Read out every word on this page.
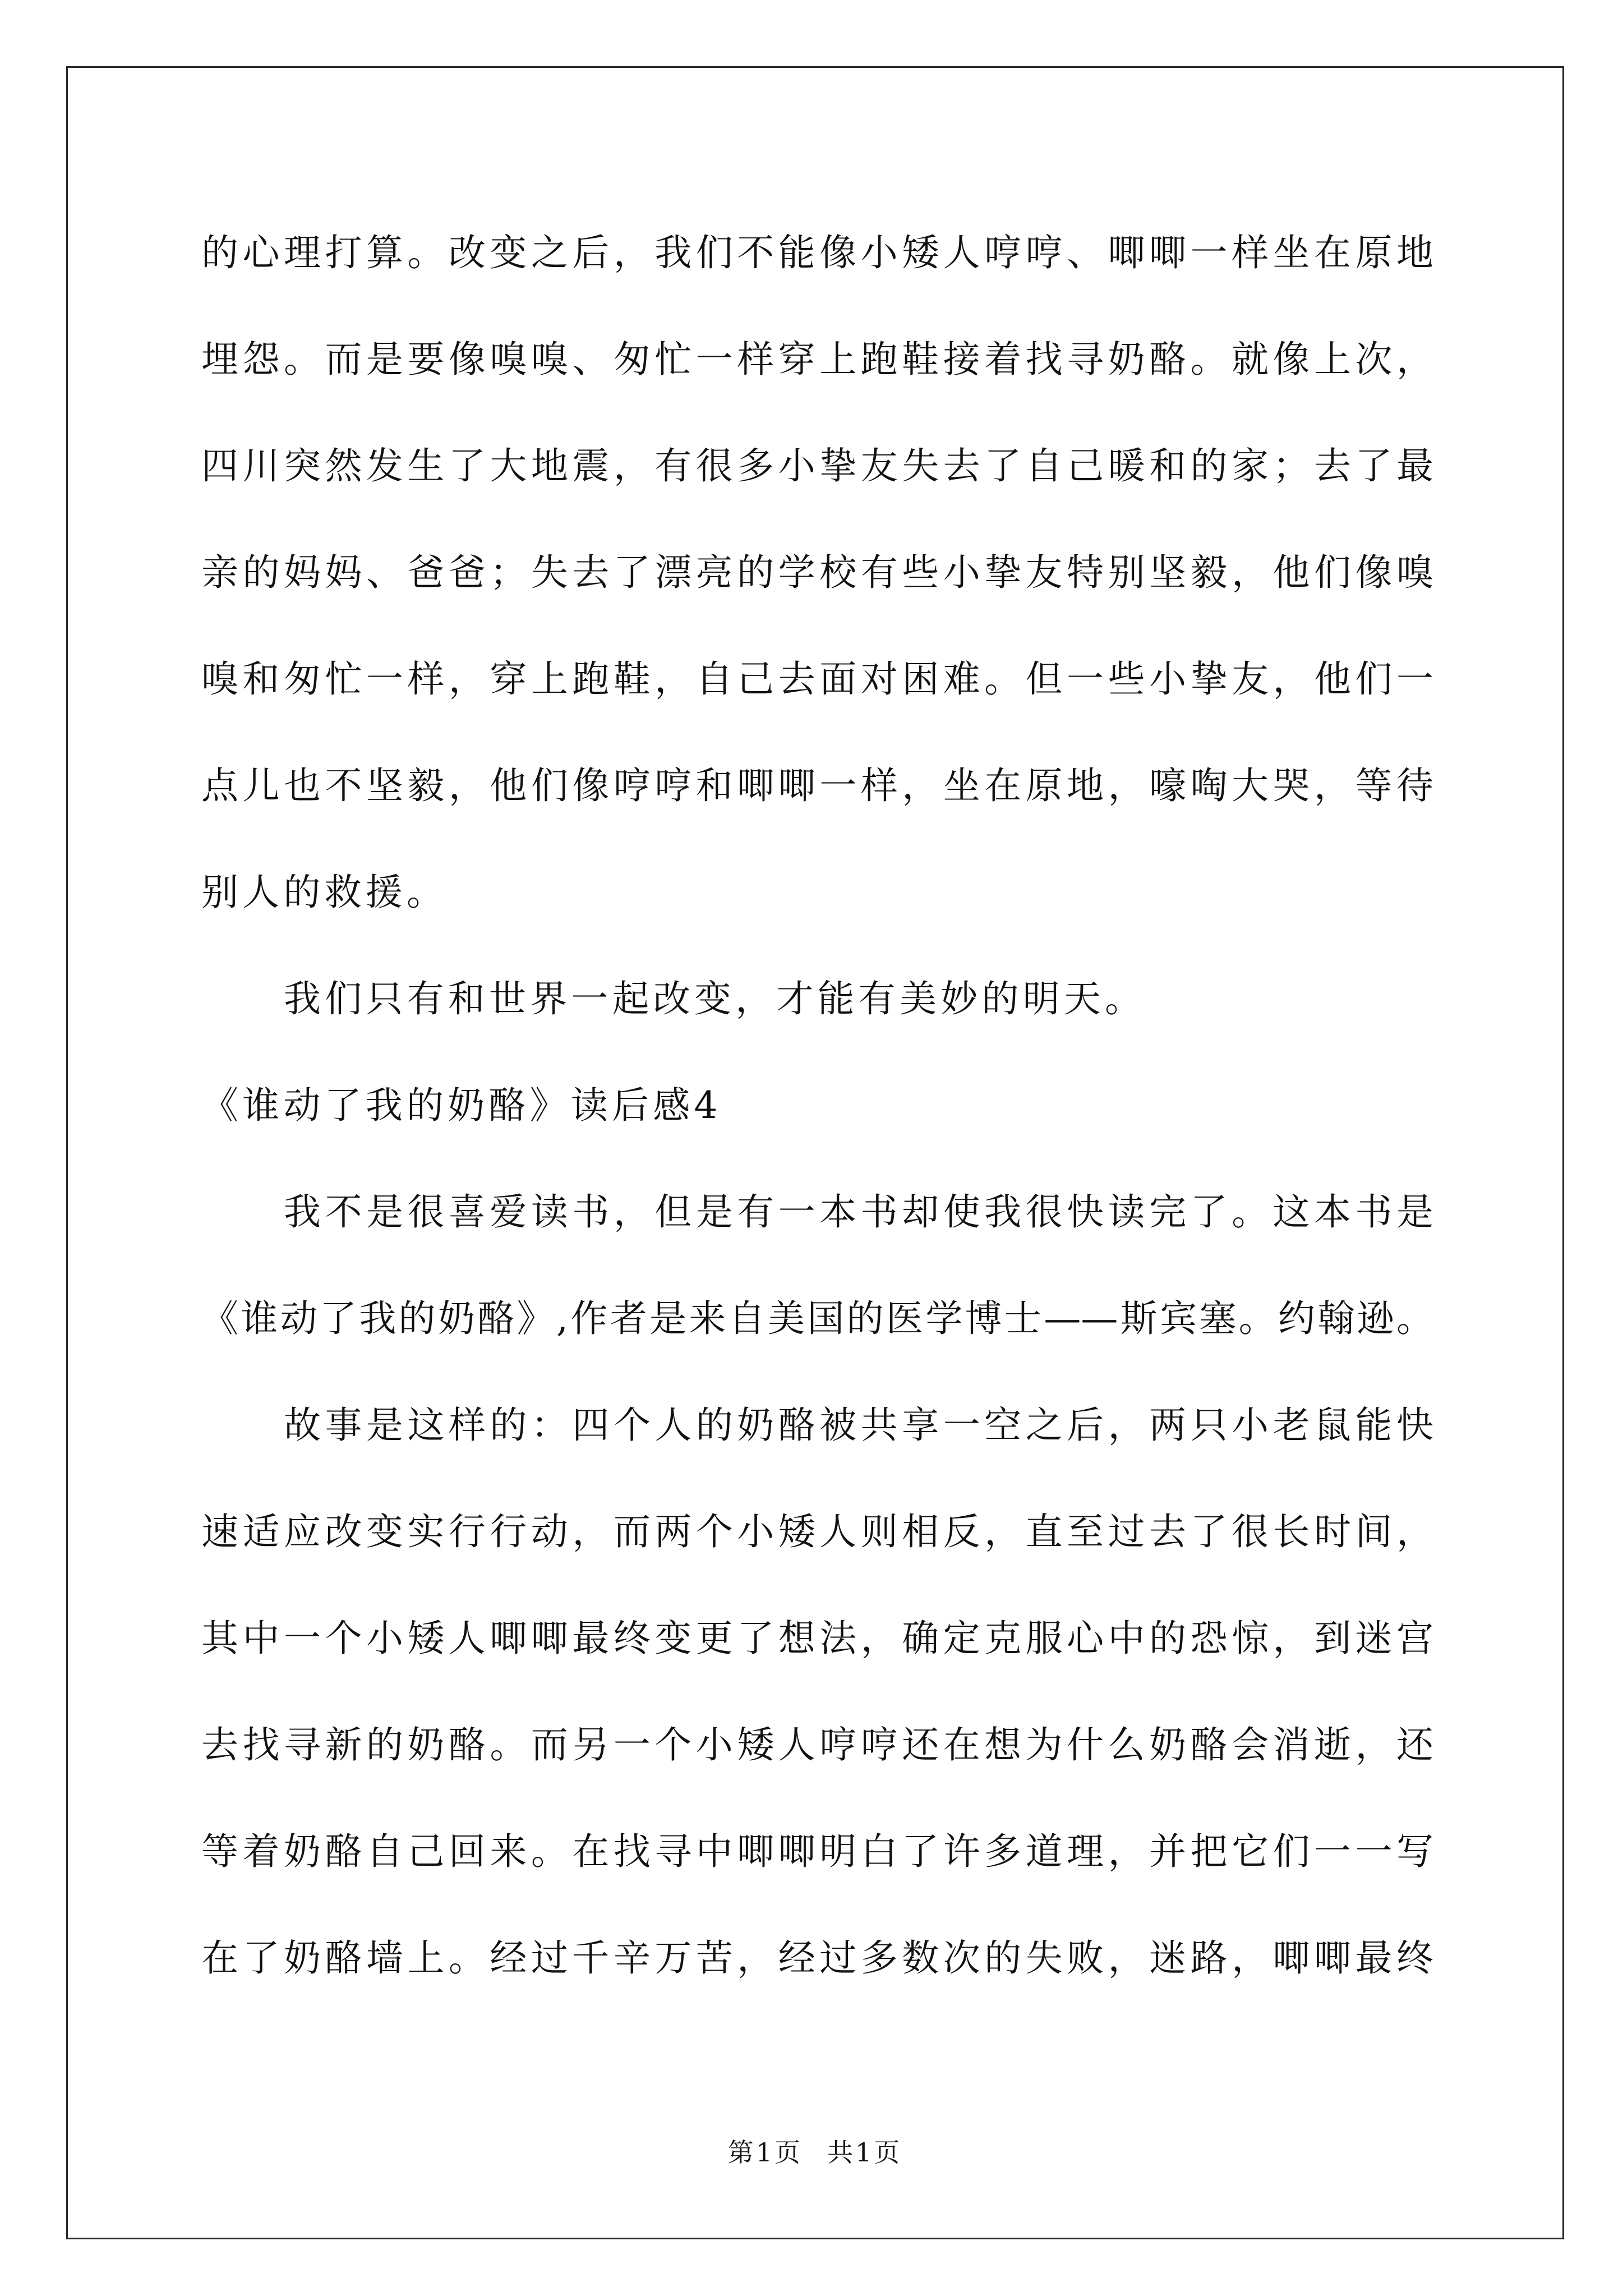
的心理打算。改变之后，我们不能像小矮人哼哼、唧唧一样坐在原地
埋怨。而是要像嗅嗅、匆忙一样穿上跑鞋接着找寻奶酪。就像上次，
四川突然发生了大地震，有很多小挚友失去了自己暖和的家；去了最
亲的妈妈、爸爸；失去了漂亮的学校有些小挚友特别坚毅，他们像嗅
嗅和匆忙一样，穿上跑鞋，自己去面对困难。但一些小挚友，他们一
点儿也不坚毅，他们像哼哼和唧唧一样，坐在原地，嚎啕大哭，等待
别人的救援。
我们只有和世界一起改变，才能有美妙的明天。
《谁动了我的奶酪》读后感4
我不是很喜爱读书，但是有一本书却使我很快读完了。这本书是
《谁动了我的奶酪》,作者是来自美国的医学博士——斯宾塞。约翰逊。
故事是这样的：四个人的奶酪被共享一空之后，两只小老鼠能快
速适应改变实行行动，而两个小矮人则相反，直至过去了很长时间，
其中一个小矮人唧唧最终变更了想法，确定克服心中的恐惊，到迷宫
去找寻新的奶酪。而另一个小矮人哼哼还在想为什么奶酪会消逝，还
等着奶酪自己回来。在找寻中唧唧明白了许多道理，并把它们一一写
在了奶酪墙上。经过千辛万苦，经过多数次的失败，迷路，唧唧最终
第1页 共1页
